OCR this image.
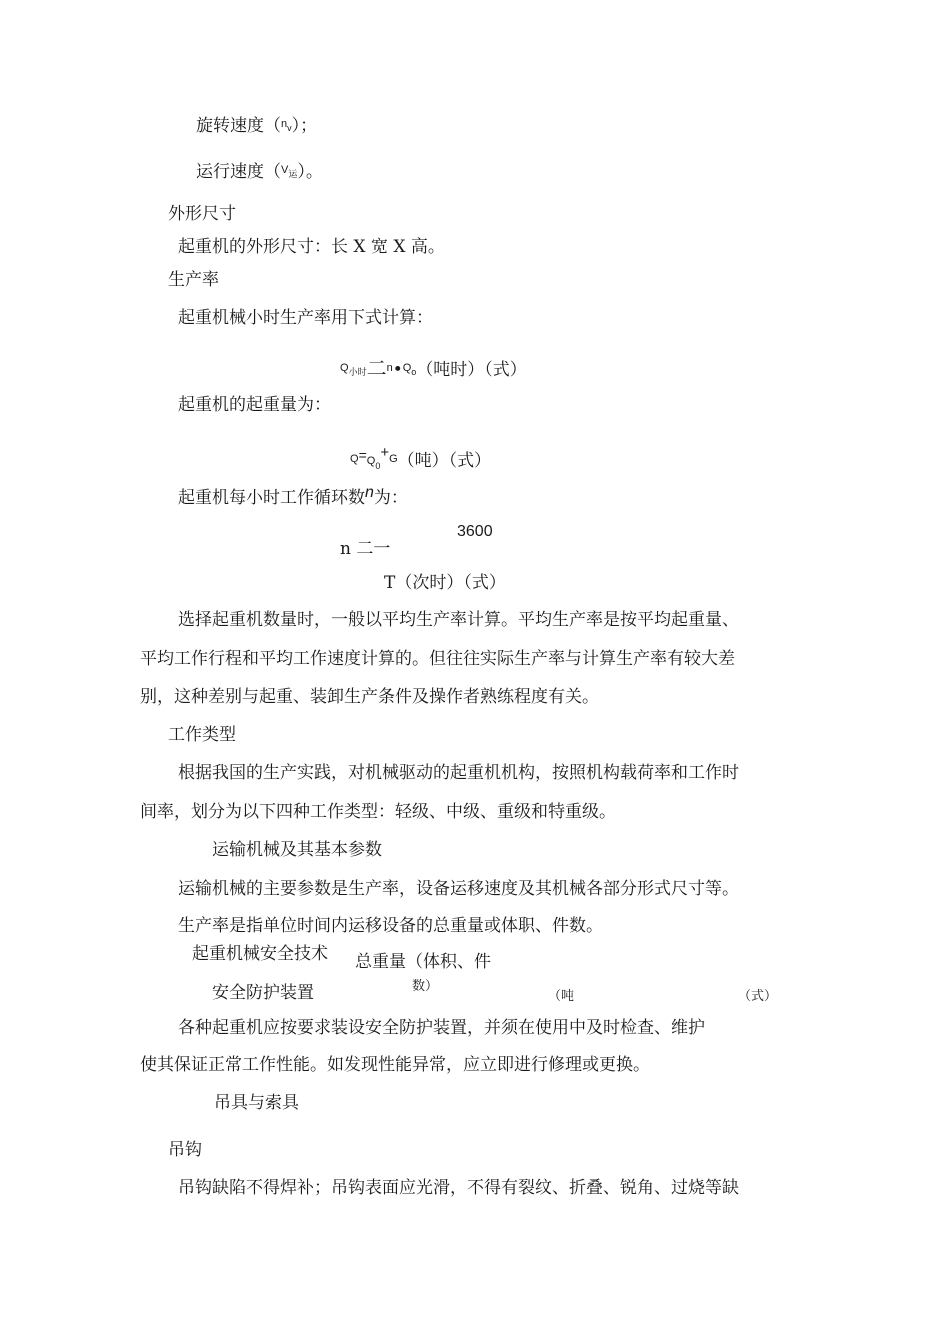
旋转速度（$^n$v）；
运行速度（$^V$运）。
外形尺寸
起重机的外形尺寸：长 X 宽 X 高。
生产率
起重机械小时生产率用下式计算：
$^Q$小时二$^n$•$^Q$o（吨时）（式）
起重机的起重量为：
$^{Q=}$Q0+$^G$（吨）（式）
起重机每小时工作循环数n为：
3600
n 二一
T（次时）（式）
选择起重机数量时，一般以平均生产率计算。平均生产率是按平均起重量、
平均工作行程和平均工作速度计算的。但往往实际生产率与计算生产率有较大差
别，这种差别与起重、装卸生产条件及操作者熟练程度有关。
工作类型
根据我国的生产实践，对机械驱动的起重机机构，按照机构载荷率和工作时
间率，划分为以下四种工作类型：轻级、中级、重级和特重级。
运输机械及其基本参数
运输机械的主要参数是生产率，设备运移速度及其机械各部分形式尺寸等。
生产率是指单位时间内运移设备的总重量或体职、件数。
起重机械安全技术 总重量（体积、件
数）
安全防护装置	（吨	（式）
各种起重机应按要求装设安全防护装置，并须在使用中及时检查、维护
使其保证正常工作性能。如发现性能异常，应立即进行修理或更换。
吊具与索具
吊钩
吊钩缺陷不得焊补；吊钩表面应光滑，不得有裂纹、折叠、锐角、过烧等缺
